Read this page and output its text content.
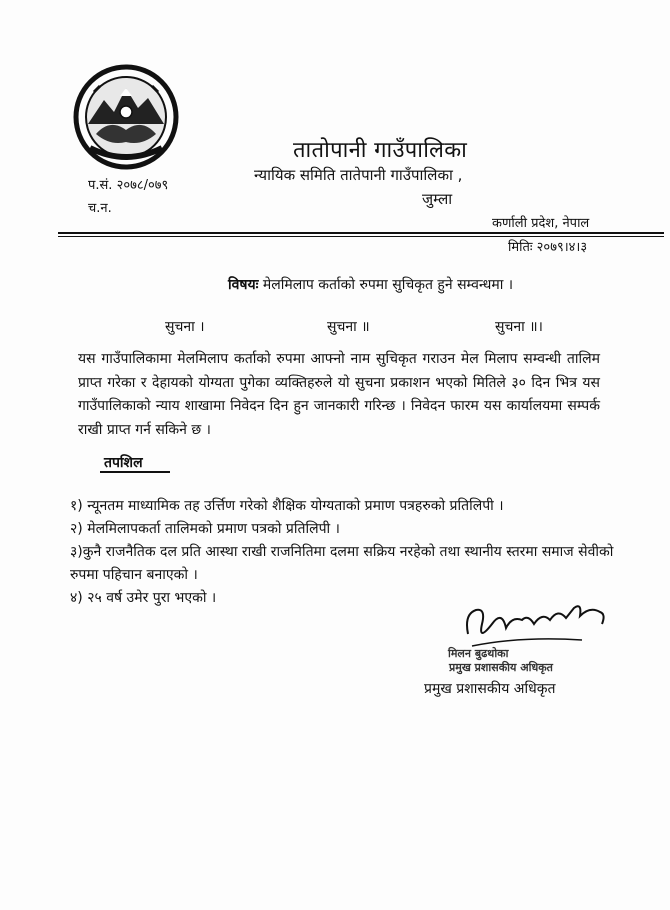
तातोपानी गाउँपालिका
न्यायिक समिति तातेपानी गाउँपालिका ,
जुम्ला
प.सं. २०७८/०७९
च.न.
कर्णाली प्रदेश, नेपाल
मितिः २०७९।४।३
विषयः मेलमिलाप कर्ताको रुपमा सुचिकृत हुने सम्वन्धमा ।
सुचना ।	सुचना ॥	सुचना ॥।

यस गाउँपालिकामा मेलमिलाप कर्ताको रुपमा आफ्नो नाम सुचिकृत गराउन मेल मिलाप सम्वन्धी तालिम प्राप्त गरेका र देहायको योग्यता पुगेका व्यक्तिहरुले यो सुचना प्रकाशन भएको मितिले ३० दिन भित्र यस गाउँपालिकाको न्याय शाखामा निवेदन दिन हुन जानकारी गरिन्छ । निवेदन फारम यस कार्यालयमा सम्पर्क राखी प्राप्त गर्न सकिने छ ।

तपशिल
१) न्यूनतम माध्यामिक तह उर्त्तिण गरेको शैक्षिक योग्यताको प्रमाण पत्रहरुको प्रतिलिपी ।
२) मेलमिलापकर्ता तालिमको प्रमाण पत्रको प्रतिलिपी ।
३)कुनै राजनैतिक दल प्रति आस्था राखी राजनितिमा दलमा सक्रिय नरहेको तथा स्थानीय स्तरमा समाज सेवीको रुपमा पहिचान बनाएको ।
४) २५ वर्ष उमेर पुरा भएको ।
मिलन बुढथोका
प्रमुख प्रशासकीय अधिकृत
प्रमुख प्रशासकीय अधिकृत
